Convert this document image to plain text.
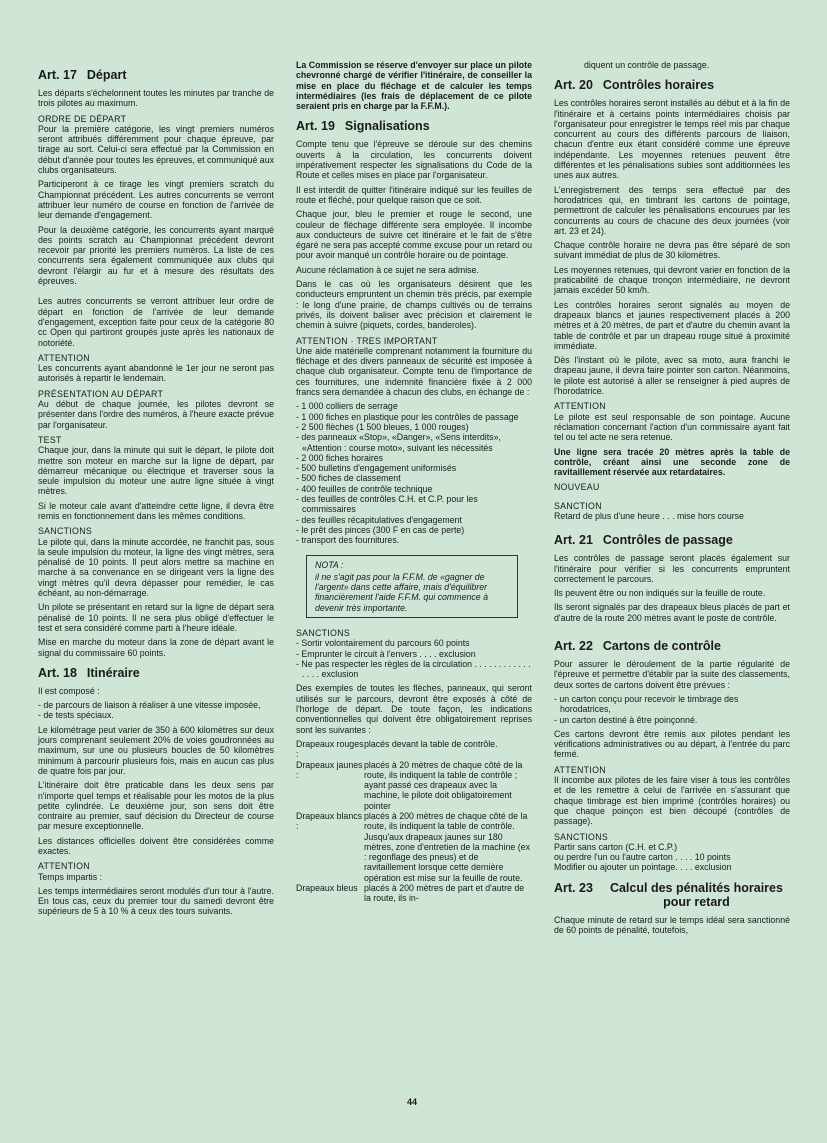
Art. 17 Départ

Les départs s'échelonnent toutes les minutes par tranche de trois pilotes au maximum.

ORDRE DE DÉPART

Pour la première catégorie, les vingt premiers numéros seront attribués différemment pour chaque épreuve, par tirage au sort. Celui-ci sera effectué par la Commission en début d'année pour toutes les épreuves, et communiqué aux clubs organisateurs.

Participeront à ce tirage les vingt premiers scratch du Championnat précédent. Les autres concurrents se verront attribuer leur numéro de course en fonction de l'arrivée de leur demande d'engagement.

Pour la deuxième catégorie, les concurrents ayant marqué des points scratch au Championnat précédent devront recevoir par priorité les premiers numéros. La liste de ces concurrents sera également communiquée aux clubs qui devront l'élargir au fur et à mesure des résultats des épreuves.

Les autres concurrents se verront attribuer leur ordre de départ en fonction de l'arrivée de leur demande d'engagement, exception faite pour ceux de la catégorie 80 cc Open qui partiront groupés juste après les nationaux de notoriété.

ATTENTION

Les concurrents ayant abandonné le 1er jour ne seront pas autorisés à repartir le lendemain.

PRÉSENTATION AU DÉPART

Au début de chaque journée, les pilotes devront se présenter dans l'ordre des numéros, à l'heure exacte prévue par l'organisateur.

TEST

Chaque jour, dans la minute qui suit le départ, le pilote doit mettre son moteur en marche sur la ligne de départ, par démarreur mécanique ou électrique et traverser sous la seule impulsion du moteur une autre ligne située à vingt mètres.

Si le moteur cale avant d'atteindre cette ligne, il devra être remis en fonctionnement dans les mêmes conditions.

SANCTIONS

Le pilote qui, dans la minute accordée, ne franchit pas, sous la seule impulsion du moteur, la ligne des vingt mètres, sera pénalisé de 10 points. Il peut alors mettre sa machine en marche à sa convenance en se dirigeant vers la ligne des vingt mètres qu'il devra dépasser pour remédier, le cas échéant, au non-démarrage.

Un pilote se présentant en retard sur la ligne de départ sera pénalisé de 10 points. Il ne sera plus obligé d'effectuer le test et sera considéré comme parti à l'heure idéale.

Mise en marche du moteur dans la zone de départ avant le signal du commissaire 60 points.

Art. 18 Itinéraire

Il est composé :

- de parcours de liaison à réaliser à une vitesse imposée,
- de tests spéciaux.

Le kilométrage peut varier de 350 à 600 kilomètres sur deux jours comprenant seulement 20% de voies goudronnées au maximum, sur une ou plusieurs boucles de 50 kilomètres minimum à parcourir plusieurs fois, mais en aucun cas plus de quatre fois par jour.

L'itinéraire doit être praticable dans les deux sens par n'importe quel temps et réalisable pour les motos de la plus petite cylindrée. Le deuxième jour, son sens doit être contraire au premier, sauf décision du Directeur de course par mesure exceptionnelle.

Les distances officielles doivent être considérées comme exactes.

ATTENTION

Temps impartis :

Les temps intermédiaires seront modulés d'un tour à l'autre. En tous cas, ceux du premier tour du samedi devront être supérieurs de 5 à 10 % à ceux des tours suivants.

La Commission se réserve d'envoyer sur place un pilote chevronné chargé de vérifier l'itinéraire, de conseiller la mise en place du fléchage et de calculer les temps intermédiaires (les frais de déplacement de ce pilote seraient pris en charge par la F.F.M.).

Art. 19 Signalisations

Compte tenu que l'épreuve se déroule sur des chemins ouverts à la circulation, les concurrents doivent impérativement respecter les signalisations du Code de la Route et celles mises en place par l'organisateur.

Il est interdit de quitter l'itinéraire indiqué sur les feuilles de route et fléché, pour quelque raison que ce soit.

Chaque jour, bleu le premier et rouge le second, une couleur de fléchage différente sera employée. Il incombe aux conducteurs de suivre cet itinéraire et le fait de s'être égaré ne sera pas accepté comme excuse pour un retard ou pour avoir manqué un contrôle horaire ou de pointage.

Aucune réclamation à ce sujet ne sera admise.

Dans le cas où les organisateurs désirent que les conducteurs empruntent un chemin très précis, par exemple : le long d'une prairie, de champs cultivés ou de terrains privés, ils doivent baliser avec précision et clairement le chemin à suivre (piquets, cordes, banderoles).

ATTENTION · TRES IMPORTANT

Une aide matérielle comprenant notamment la fourniture du fléchage et des divers panneaux de sécurité est imposée à chaque club organisateur. Compte tenu de l'importance de ces fournitures, une indemnité financière fixée à 2 000 francs sera demandée à chacun des clubs, en échange de :

- 1 000 colliers de serrage
- 1 000 fiches en plastique pour les contrôles de passage
- 2 500 flèches (1 500 bleues, 1 000 rouges)
- des panneaux «Stop», «Danger», «Sens interdits», «Attention : course moto», suivant les nécessités
- 2 000 fiches horaires
- 500 bulletins d'engagement uniformisés
- 500 fiches de classement
- 400 feuilles de contrôle technique
- des feuilles de contrôles C.H. et C.P. pour les commissaires
- des feuilles récapitulatives d'engagement
- le prêt des pinces (300 F en cas de perte)
- transport des fournitures.
NOTA :
il ne s'agit pas pour la F.F.M. de «gagner de l'argent» dans cette affaire, mais d'équilibrer financièrement l'aide F.F.M. qui commence à devenir très importante.
SANCTIONS
- Sortir volontairement du parcours 60 points
- Emprunter le circuit à l'envers . . . . exclusion
- Ne pas respecter les règles de la circulation . . . . . . . . . . . . . . . . exclusion

Des exemples de toutes les flèches, panneaux, qui seront utilisés sur le parcours, devront être exposés à côté de l'horloge de départ. De toute façon, les indications conventionnelles qui doivent être obligatoirement reprises sont les suivantes :

Drapeaux rouges :	placés devant la table de contrôle.
Drapeaux jaunes :	placés à 20 mètres de chaque côté de la route, ils indiquent la table de contrôle ; ayant passé ces drapeaux avec la machine, le pilote doit obligatoirement pointer
Drapeaux blancs :	placés à 200 mètres de chaque côté de la route, ils indiquent la table de contrôle. Jusqu'aux drapeaux jaunes sur 180 mètres, zone d'entretien de la machine (ex : regonflage des pneus) et de ravitaillement lorsque cette dernière opération est mise sur la feuille de route.
Drapeaux bleus	placés à 200 mètres de part et d'autre de la route, ils in-

diquent un contrôle de passage.

Art. 20 Contrôles horaires

Les contrôles horaires seront installés au début et à la fin de l'itinéraire et à certains points intermédiaires choisis par l'organisateur pour enregistrer le temps réel mis par chaque concurrent au cours des différents parcours de liaison, chacun d'entre eux étant considéré comme une épreuve indépendante. Les moyennes retenues peuvent être différentes et les pénalisations subies sont additionnées les unes aux autres.

L'enregistrement des temps sera effectué par des horodatrices qui, en timbrant les cartons de pointage, permettront de calculer les pénalisations encourues par les concurrents au cours de chacune des deux journées (voir art. 23 et 24).

Chaque contrôle horaire ne devra pas être séparé de son suivant immédiat de plus de 30 kilomètres.

Les moyennes retenues, qui devront varier en fonction de la praticabilité de chaque tronçon intermédiaire, ne devront jamais excéder 50 km/h.

Les contrôles horaires seront signalés au moyen de drapeaux blancs et jaunes respectivement placés à 200 mètres et à 20 mètres, de part et d'autre du chemin avant la table de contrôle et par un drapeau rouge situé à proximité immédiate.

Dès l'instant où le pilote, avec sa moto, aura franchi le drapeau jaune, il devra faire pointer son carton. Néanmoins, le pilote est autorisé à aller se renseigner à pied auprès de l'horodatrice.

ATTENTION

Le pilote est seul responsable de son pointage. Aucune réclamation concernant l'action d'un commissaire ayant fait tel ou tel acte ne sera retenue.

Une ligne sera tracée 20 mètres après la table de contrôle, créant ainsi une seconde zone de ravitaillement réservée aux retardataires.

NOUVEAU
SANCTION

Retard de plus d'une heure . . . mise hors course

Art. 21 Contrôles de passage

Les contrôles de passage seront placés également sur l'itinéraire pour vérifier si les concurrents empruntent correctement le parcours.

Ils peuvent être ou non indiqués sur la feuille de route.

Ils seront signalés par des drapeaux bleus placés de part et d'autre de la route 200 mètres avant le poste de contrôle.

Art. 22 Cartons de contrôle

Pour assurer le déroulement de la partie régularité de l'épreuve et permettre d'établir par la suite des classements, deux sortes de cartons doivent être prévues :

- un carton conçu pour recevoir le timbrage des horodatrices,
- un carton destiné à être poinçonné.

Ces cartons devront être remis aux pilotes pendant les vérifications administratives ou au départ, à l'entrée du parc fermé.

ATTENTION

Il incombe aux pilotes de les faire viser à tous les contrôles et de les remettre à celui de l'arrivée en s'assurant que chaque timbrage est bien imprimé (contrôles horaires) ou que chaque poinçon est bien découpé (contrôles de passage).

SANCTIONS

Partir sans carton (C.H. et C.P.)
ou perdre l'un ou l'autre carton . . . . 10 points
Modifier ou ajouter un pointage. . . . exclusion

Art. 23	Calcul des pénalités horaires pour retard

Chaque minute de retard sur le temps idéal sera sanctionné de 60 points de pénalité, toutefois,

44
